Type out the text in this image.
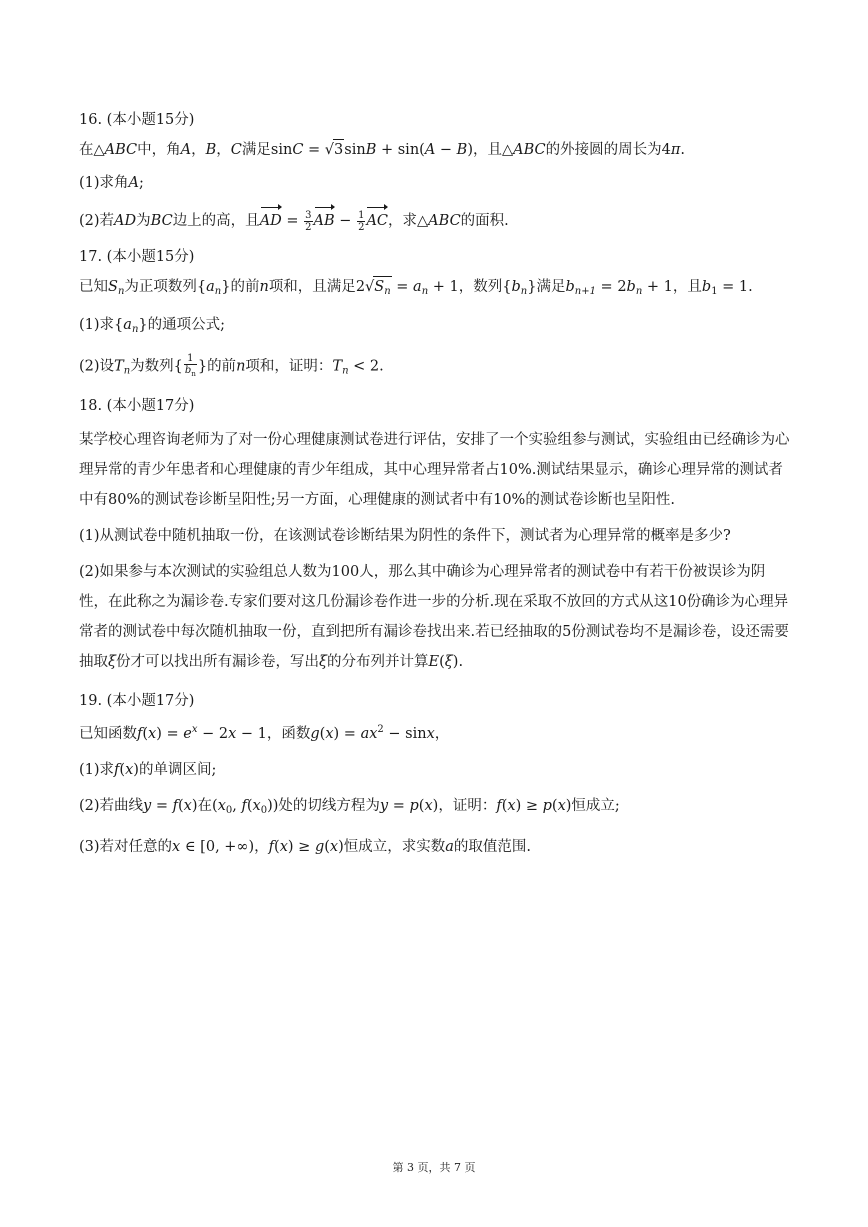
16. (本小题15分)

在△ABC中，角A，B，C满足sinC = √3sinB + sin(A − B)，且△ABC的外接圆的周长为4π.

(1)求角A;

(2)若AD为BC边上的高，且AD = $\frac{3}{2}$ AB − $\frac{1}{2}$ AC，求△ABC的面积.

17. (本小题15分)

已知$S_n$为正项数列$\{a_n\}$的前n项和，且满足$2√S_n = a_n + 1$，数列$\{b_n\}$满足$b_{n+1} = 2b_n + 1$，且$b_1 = 1$.

(1)求$\{a_n\}$的通项公式;

(2)设$T_n$为数列{ $\frac{1}{b_n}$ }的前n项和，证明：$T_n < 2$.

18. (本小题17分)

某学校心理咨询老师为了对一份心理健康测试卷进行评估，安排了一个实验组参与测试，实验组由已经确诊为心理异常的青少年患者和心理健康的青少年组成，其中心理异常者占10%.测试结果显示，确诊心理异常的测试者中有80%的测试卷诊断呈阳性;另一方面，心理健康的测试者中有10%的测试卷诊断也呈阳性.

(1)从测试卷中随机抽取一份，在该测试卷诊断结果为阴性的条件下，测试者为心理异常的概率是多少?

(2)如果参与本次测试的实验组总人数为100人，那么其中确诊为心理异常者的测试卷中有若干份被误诊为阴性，在此称之为漏诊卷.专家们要对这几份漏诊卷作进一步的分析.现在采取不放回的方式从这10份确诊为心理异常者的测试卷中每次随机抽取一份，直到把所有漏诊卷找出来.若已经抽取的5份测试卷均不是漏诊卷，设还需要抽取ξ份才可以找出所有漏诊卷，写出ξ的分布列并计算E(ξ).

19. (本小题17分)

已知函数$f(x) = e^x - 2x - 1$，函数$g(x) = ax^2 - \sin x$，

(1)求f(x)的单调区间;

(2)若曲线y = f(x)在($x_0$, $f(x_0)$)处的切线方程为y = p(x)，证明：f(x) ≥ p(x)恒成立;

(3)若对任意的x ∈ [0, +∞)，f(x) ≥ g(x)恒成立，求实数a的取值范围.

第 3 页，共 7 页
